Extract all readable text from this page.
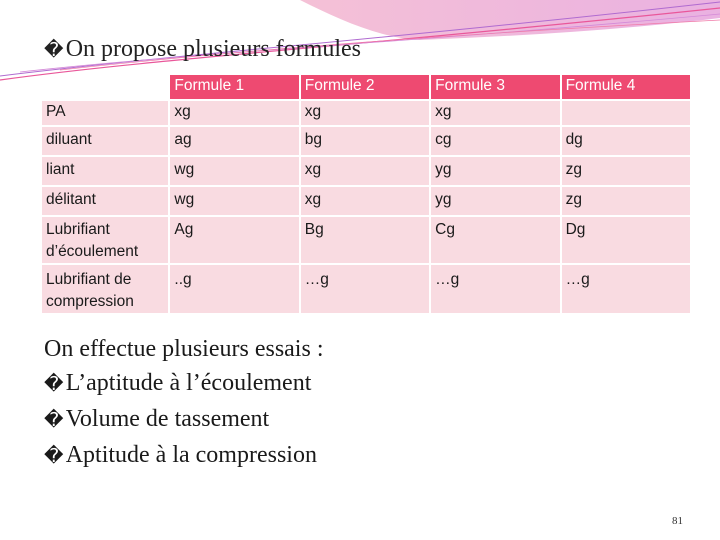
�On propose plusieurs formules
	Formule 1	Formule 2	Formule 3	Formule 4
PA	xg	xg	xg	
diluant	ag	bg	cg	dg
liant	wg	xg	yg	zg
délitant	wg	xg	yg	zg
Lubrifiant d’écoulement	Ag	Bg	Cg	Dg
Lubrifiant de compression	..g	…g	…g	…g
On effectue plusieurs essais :
�L’aptitude à l’écoulement
�Volume de tassement
�Aptitude à la compression
81
